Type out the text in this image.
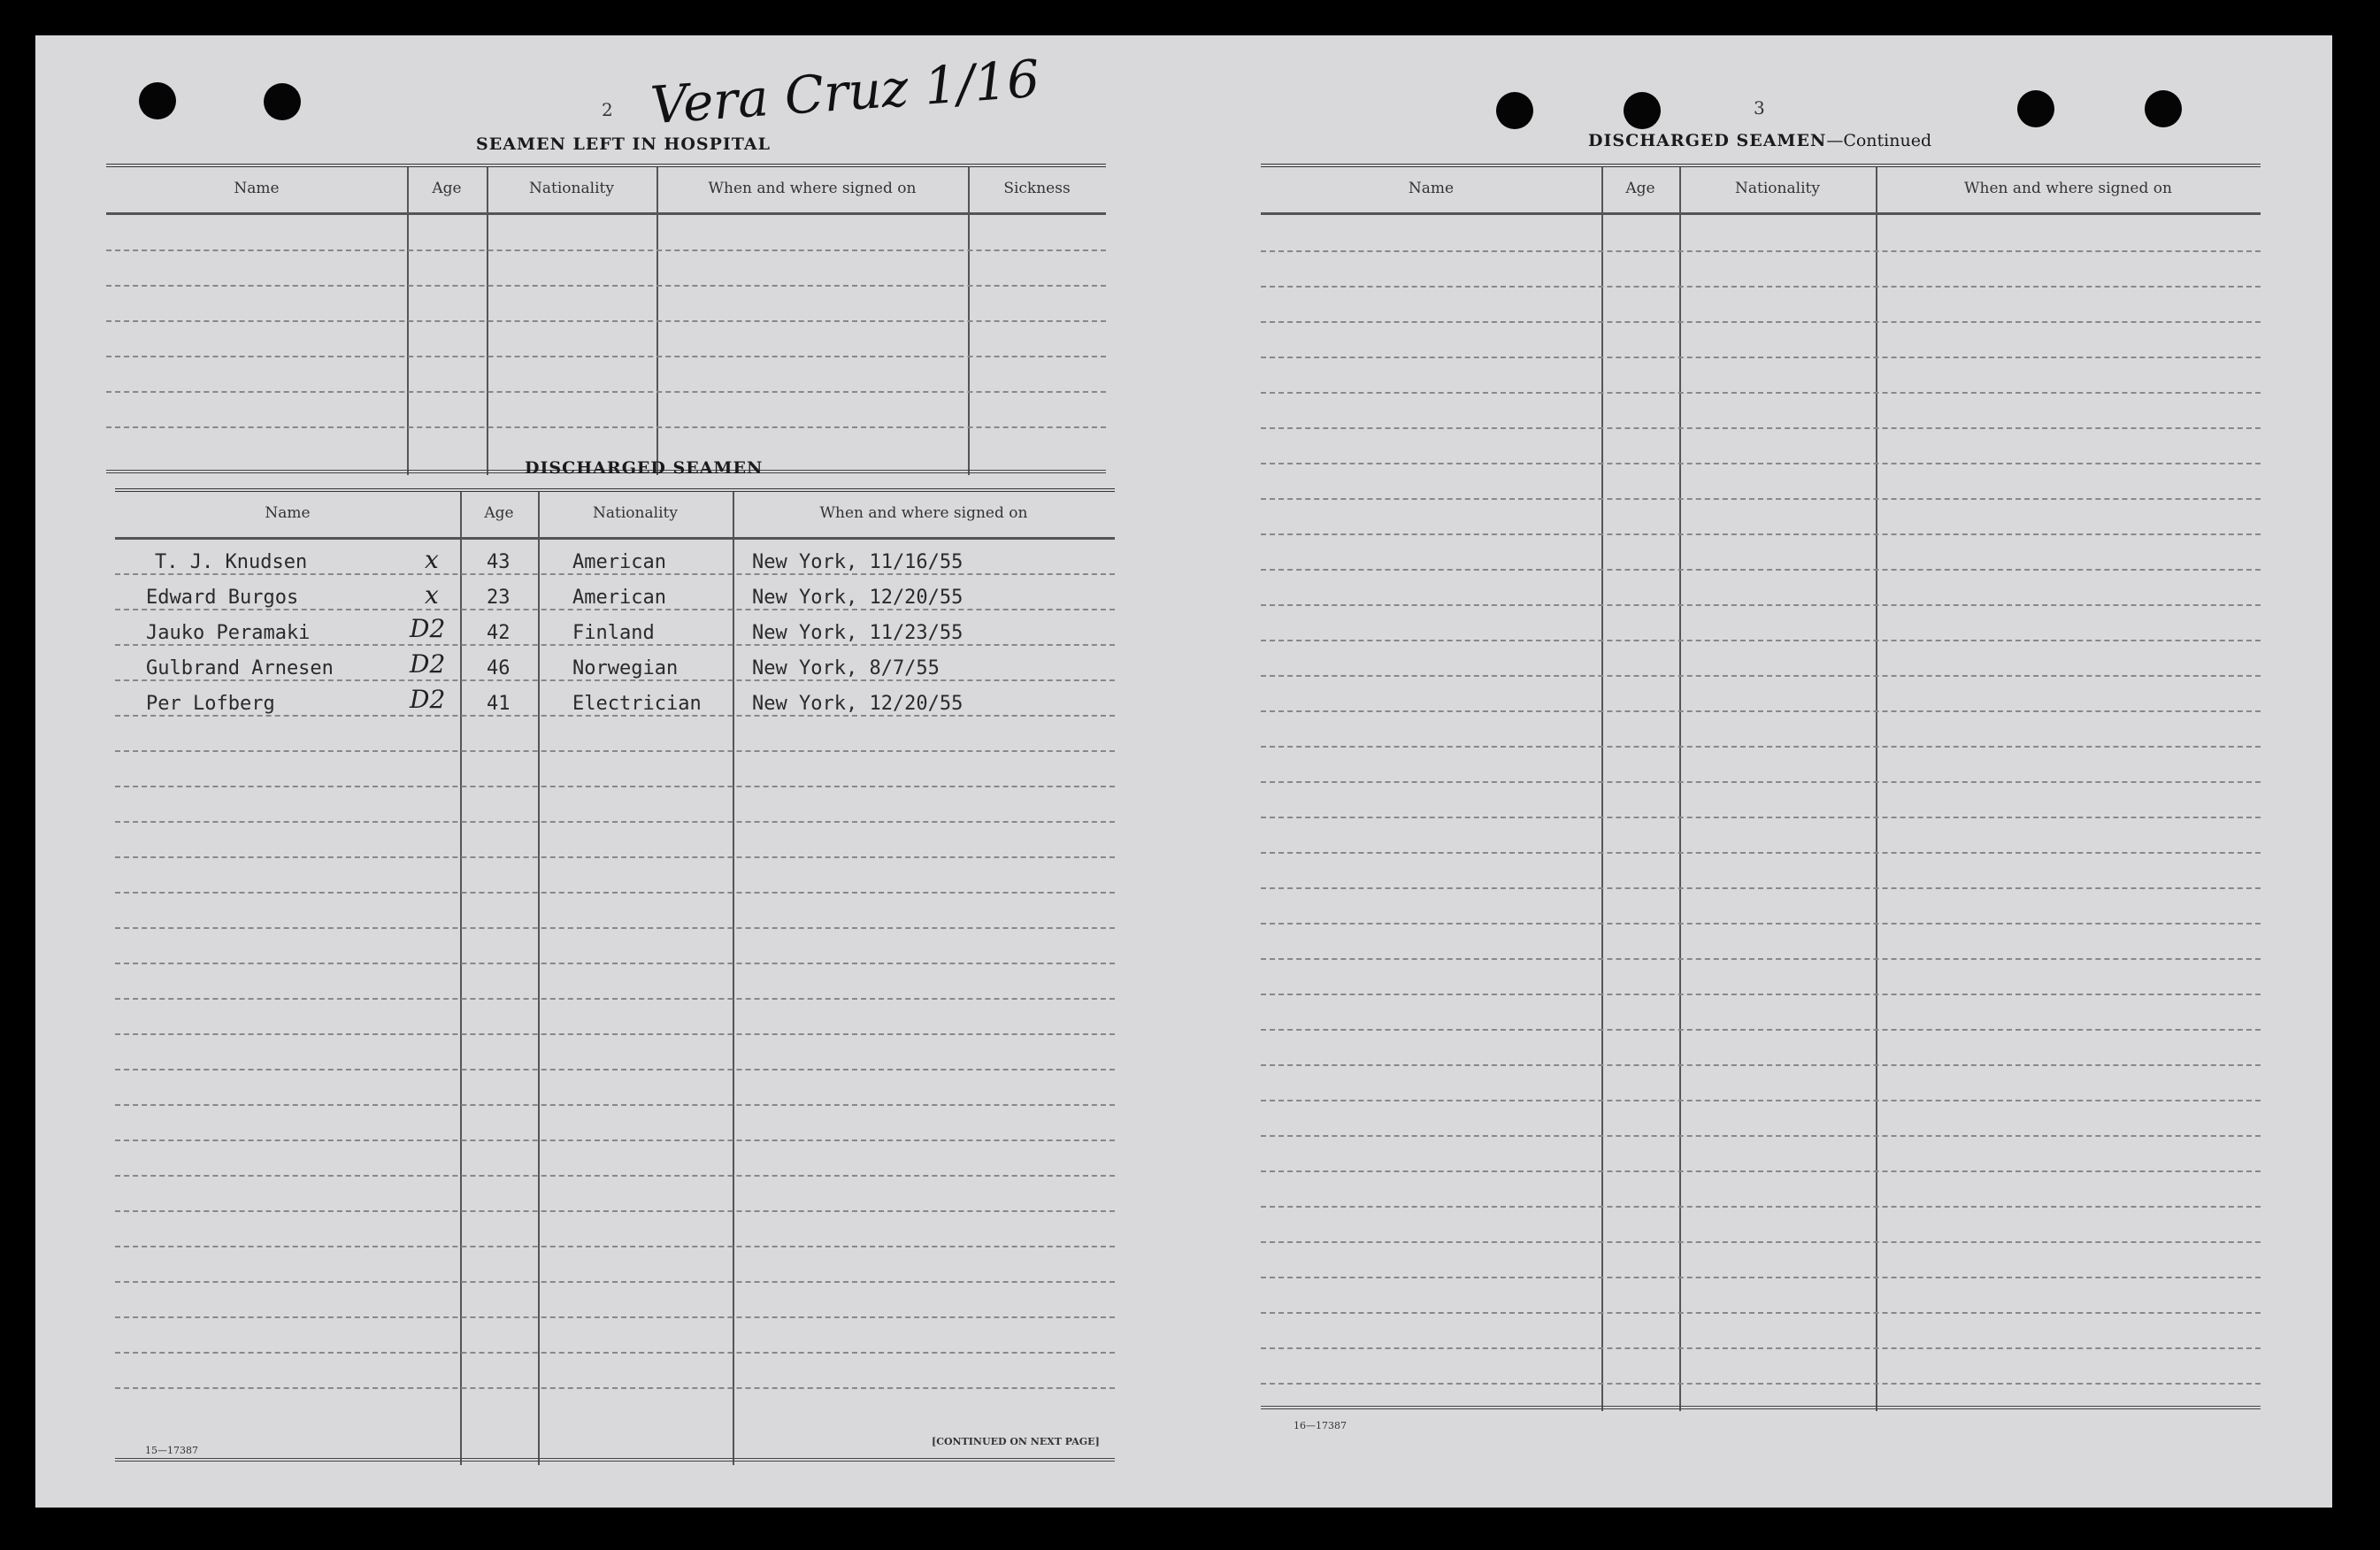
2 Vera Cruz 1/16
SEAMEN LEFT IN HOSPITAL
Name	Age	Nationality	When and where signed on	Sickness
DISCHARGED SEAMEN
Name	Age	Nationality	When and where signed on
T. J. Knudsen	x 43	American	New York, 11/16/55
Edward Burgos	x 23	American	New York, 12/20/55
Jauko Peramaki	D2 42	Finland	New York, 11/23/55
Gulbrand Arnesen	D2 46	Norwegian	New York, 8/7/55
Per Lofberg	D2 41	Electrician	New York, 12/20/55
15—17387
[CONTINUED ON NEXT PAGE]
3
DISCHARGED SEAMEN—Continued
Name	Age	Nationality	When and where signed on
16—17387
